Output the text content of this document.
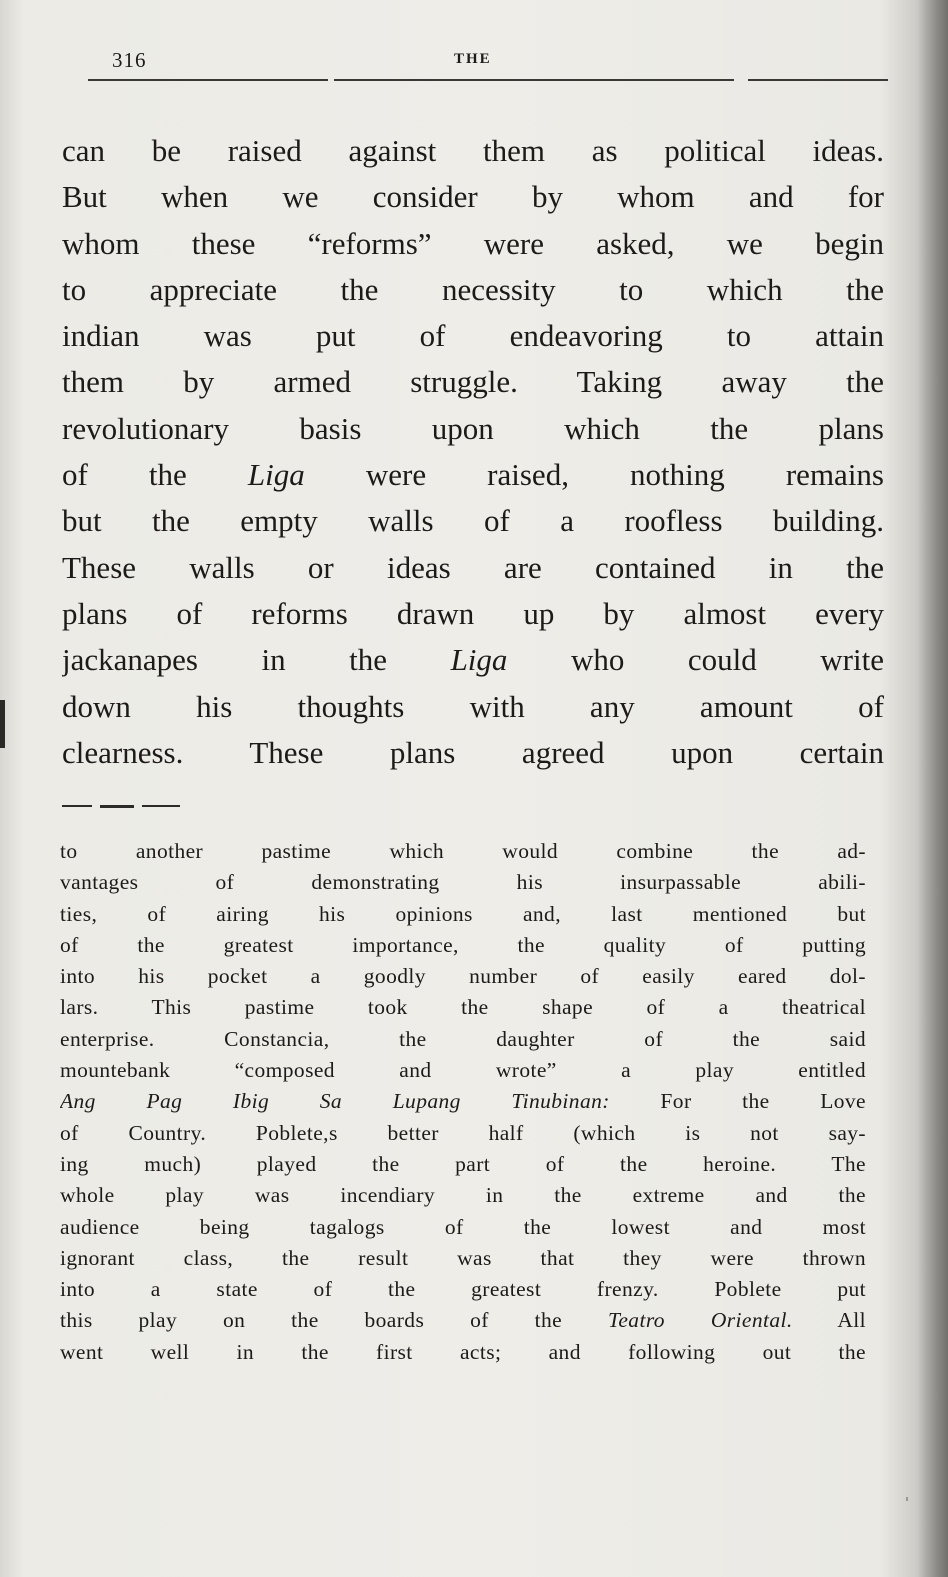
316	THE
can be raised against them as political ideas.
But when we consider by whom and for
whom these “reforms” were asked, we begin
to appreciate the necessity to which the
indian was put of endeavoring to attain
them by armed struggle. Taking away the
revolutionary basis upon which the plans
of the Liga were raised, nothing remains
but the empty walls of a roofless building.
These walls or ideas are contained in the
plans of reforms drawn up by almost every
jackanapes in the Liga who could write
down his thoughts with any amount of
clearness. These plans agreed upon certain
to another pastime which would combine the ad-
vantages of demonstrating his insurpassable abili-
ties, of airing his opinions and, last mentioned but
of the greatest importance, the quality of putting
into his pocket a goodly number of easily eared dol-
lars. This pastime took the shape of a theatrical
enterprise. Constancia, the daughter of the said
mountebank “composed and wrote” a play entitled
Ang Pag Ibig Sa Lupang Tinubinan: For the Love
of Country. Poblete,s better half (which is not say-
ing much) played the part of the heroine. The
whole play was incendiary in the extreme and the
audience being tagalogs of the lowest and most
ignorant class, the result was that they were thrown
into a state of the greatest frenzy. Poblete put
this play on the boards of the Teatro Oriental. All
went well in the first acts; and following out the
